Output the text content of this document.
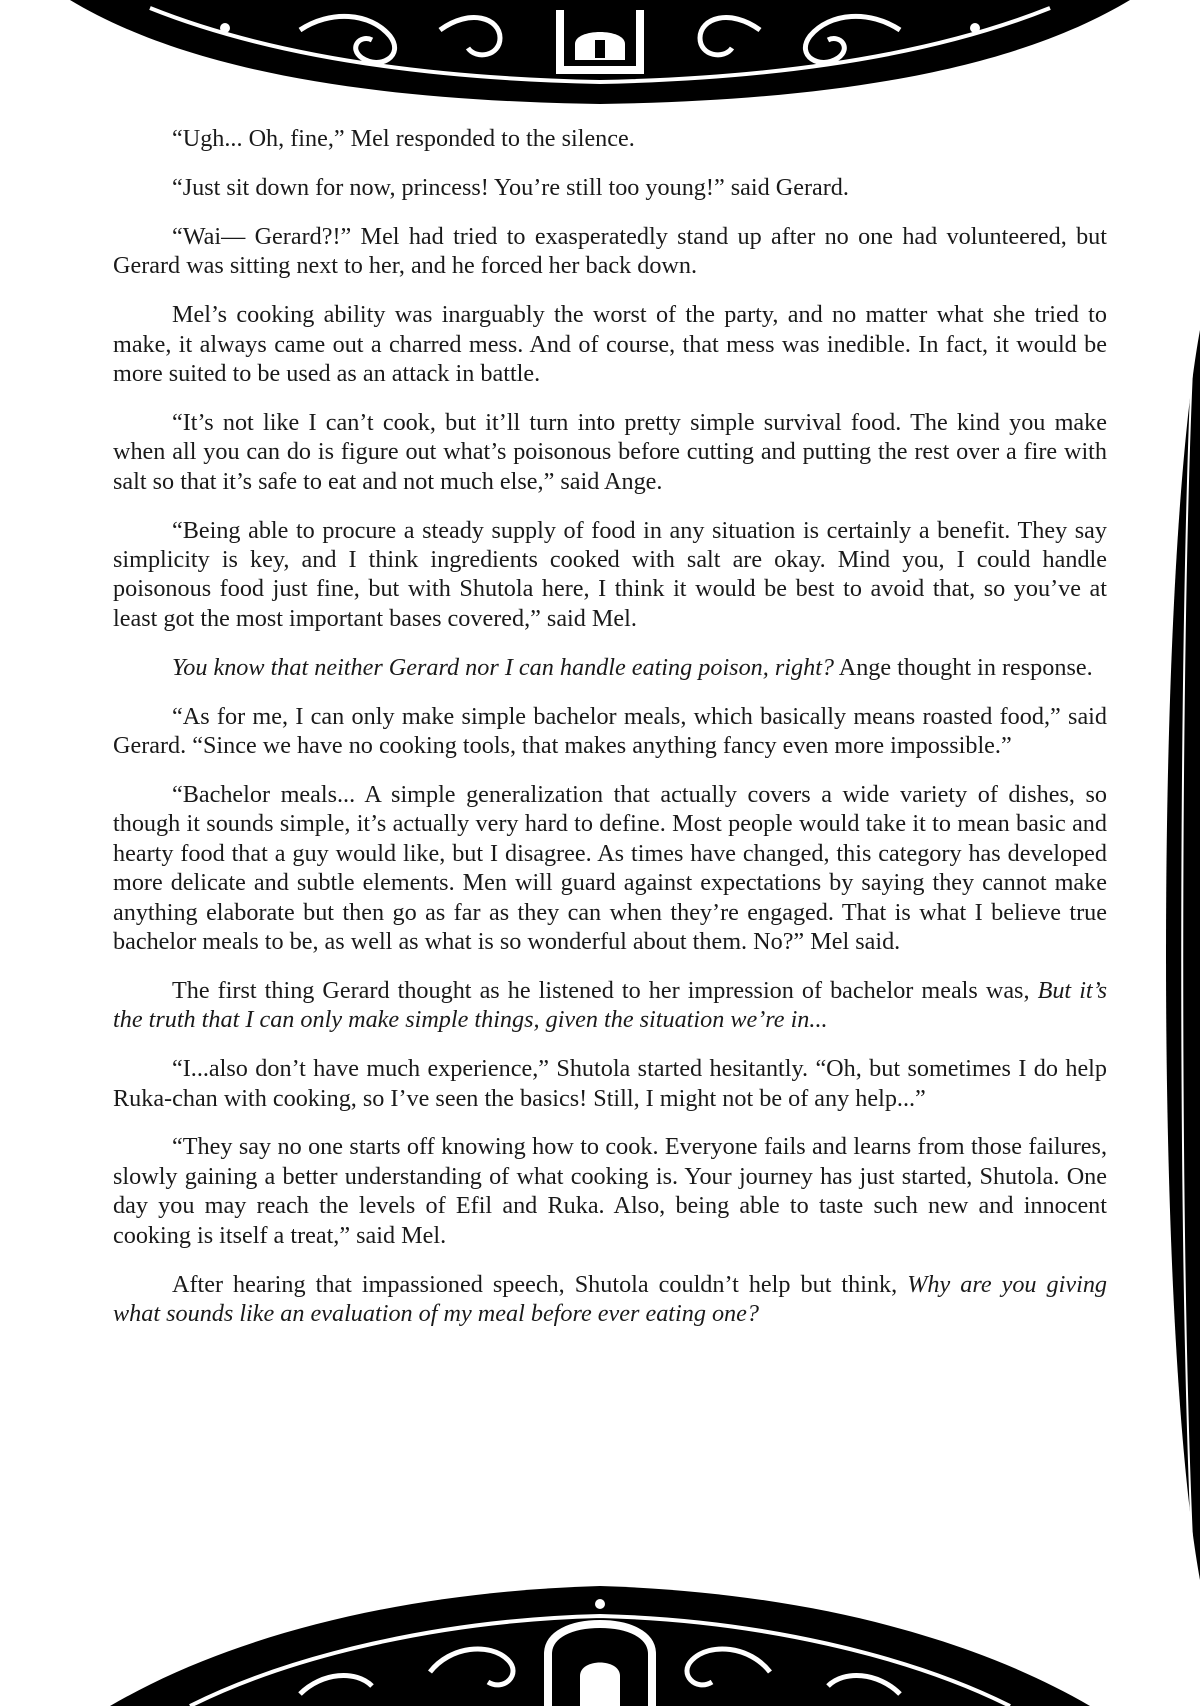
“Ugh... Oh, fine,” Mel responded to the silence.

“Just sit down for now, princess! You’re still too young!” said Gerard.

“Wai— Gerard?!” Mel had tried to exasperatedly stand up after no one had volunteered, but Gerard was sitting next to her, and he forced her back down.

Mel’s cooking ability was inarguably the worst of the party, and no matter what she tried to make, it always came out a charred mess. And of course, that mess was inedible. In fact, it would be more suited to be used as an attack in battle.

“It’s not like I can’t cook, but it’ll turn into pretty simple survival food. The kind you make when all you can do is figure out what’s poisonous before cutting and putting the rest over a fire with salt so that it’s safe to eat and not much else,” said Ange.

“Being able to procure a steady supply of food in any situation is certainly a benefit. They say simplicity is key, and I think ingredients cooked with salt are okay. Mind you, I could handle poisonous food just fine, but with Shutola here, I think it would be best to avoid that, so you’ve at least got the most important bases covered,” said Mel.

You know that neither Gerard nor I can handle eating poison, right? Ange thought in response.

“As for me, I can only make simple bachelor meals, which basically means roasted food,” said Gerard. “Since we have no cooking tools, that makes anything fancy even more impossible.”

“Bachelor meals... A simple generalization that actually covers a wide variety of dishes, so though it sounds simple, it’s actually very hard to define. Most people would take it to mean basic and hearty food that a guy would like, but I disagree. As times have changed, this category has developed more delicate and subtle elements. Men will guard against expectations by saying they cannot make anything elaborate but then go as far as they can when they’re engaged. That is what I believe true bachelor meals to be, as well as what is so wonderful about them. No?” Mel said.

The first thing Gerard thought as he listened to her impression of bachelor meals was, But it’s the truth that I can only make simple things, given the situation we’re in...

“I...also don’t have much experience,” Shutola started hesitantly. “Oh, but sometimes I do help Ruka-chan with cooking, so I’ve seen the basics! Still, I might not be of any help...”

“They say no one starts off knowing how to cook. Everyone fails and learns from those failures, slowly gaining a better understanding of what cooking is. Your journey has just started, Shutola. One day you may reach the levels of Efil and Ruka. Also, being able to taste such new and innocent cooking is itself a treat,” said Mel.

After hearing that impassioned speech, Shutola couldn’t help but think, Why are you giving what sounds like an evaluation of my meal before ever eating one?
